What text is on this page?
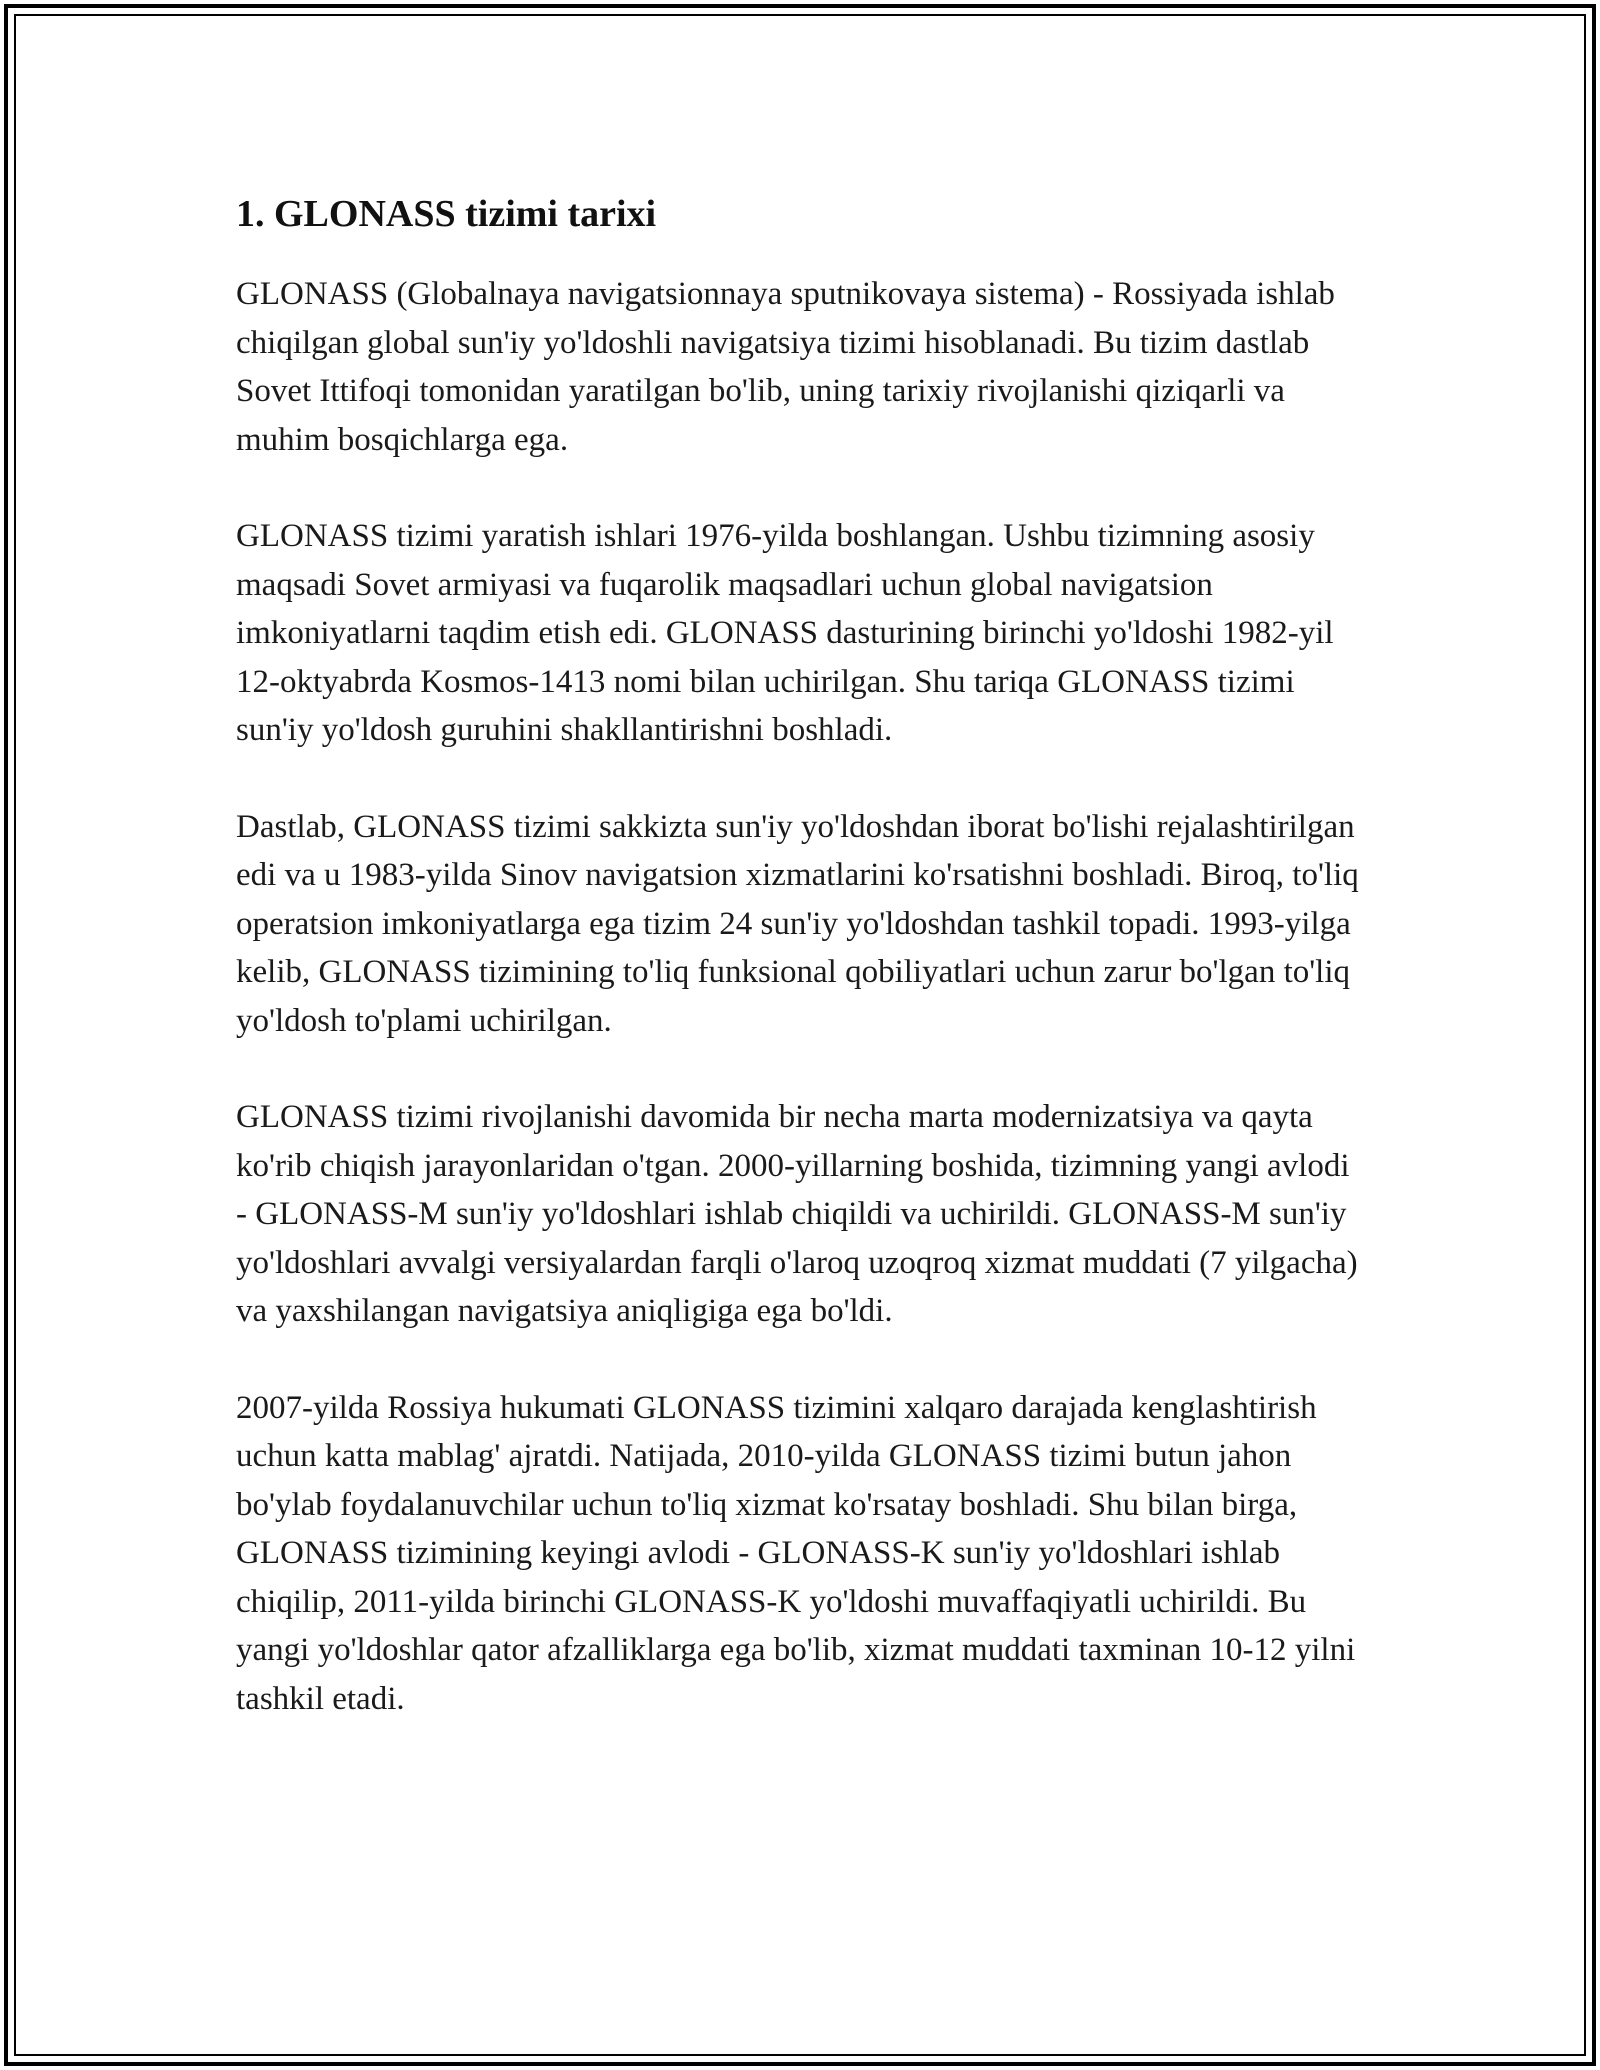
1. GLONASS tizimi tarixi

GLONASS (Globalnaya navigatsionnaya sputnikovaya sistema) - Rossiyada ishlab chiqilgan global sun'iy yo'ldoshli navigatsiya tizimi hisoblanadi. Bu tizim dastlab Sovet Ittifoqi tomonidan yaratilgan bo'lib, uning tarixiy rivojlanishi qiziqarli va muhim bosqichlarga ega.

GLONASS tizimi yaratish ishlari 1976-yilda boshlangan. Ushbu tizimning asosiy maqsadi Sovet armiyasi va fuqarolik maqsadlari uchun global navigatsion imkoniyatlarni taqdim etish edi. GLONASS dasturining birinchi yo'ldoshi 1982-yil 12-oktyabrda Kosmos-1413 nomi bilan uchirilgan. Shu tariqa GLONASS tizimi sun'iy yo'ldosh guruhini shakllantirishni boshladi.

Dastlab, GLONASS tizimi sakkizta sun'iy yo'ldoshdan iborat bo'lishi rejalashtirilgan edi va u 1983-yilda Sinov navigatsion xizmatlarini ko'rsatishni boshladi. Biroq, to'liq operatsion imkoniyatlarga ega tizim 24 sun'iy yo'ldoshdan tashkil topadi. 1993-yilga kelib, GLONASS tizimining to'liq funksional qobiliyatlari uchun zarur bo'lgan to'liq yo'ldosh to'plami uchirilgan.

GLONASS tizimi rivojlanishi davomida bir necha marta modernizatsiya va qayta ko'rib chiqish jarayonlaridan o'tgan. 2000-yillarning boshida, tizimning yangi avlodi - GLONASS-M sun'iy yo'ldoshlari ishlab chiqildi va uchirildi. GLONASS-M sun'iy yo'ldoshlari avvalgi versiyalardan farqli o'laroq uzoqroq xizmat muddati (7 yilgacha) va yaxshilangan navigatsiya aniqligiga ega bo'ldi.

2007-yilda Rossiya hukumati GLONASS tizimini xalqaro darajada kenglashtirish uchun katta mablag' ajratdi. Natijada, 2010-yilda GLONASS tizimi butun jahon bo'ylab foydalanuvchilar uchun to'liq xizmat ko'rsatay boshladi. Shu bilan birga, GLONASS tizimining keyingi avlodi - GLONASS-K sun'iy yo'ldoshlari ishlab chiqilip, 2011-yilda birinchi GLONASS-K yo'ldoshi muvaffaqiyatli uchirildi. Bu yangi yo'ldoshlar qator afzalliklarga ega bo'lib, xizmat muddati taxminan 10-12 yilni tashkil etadi.
